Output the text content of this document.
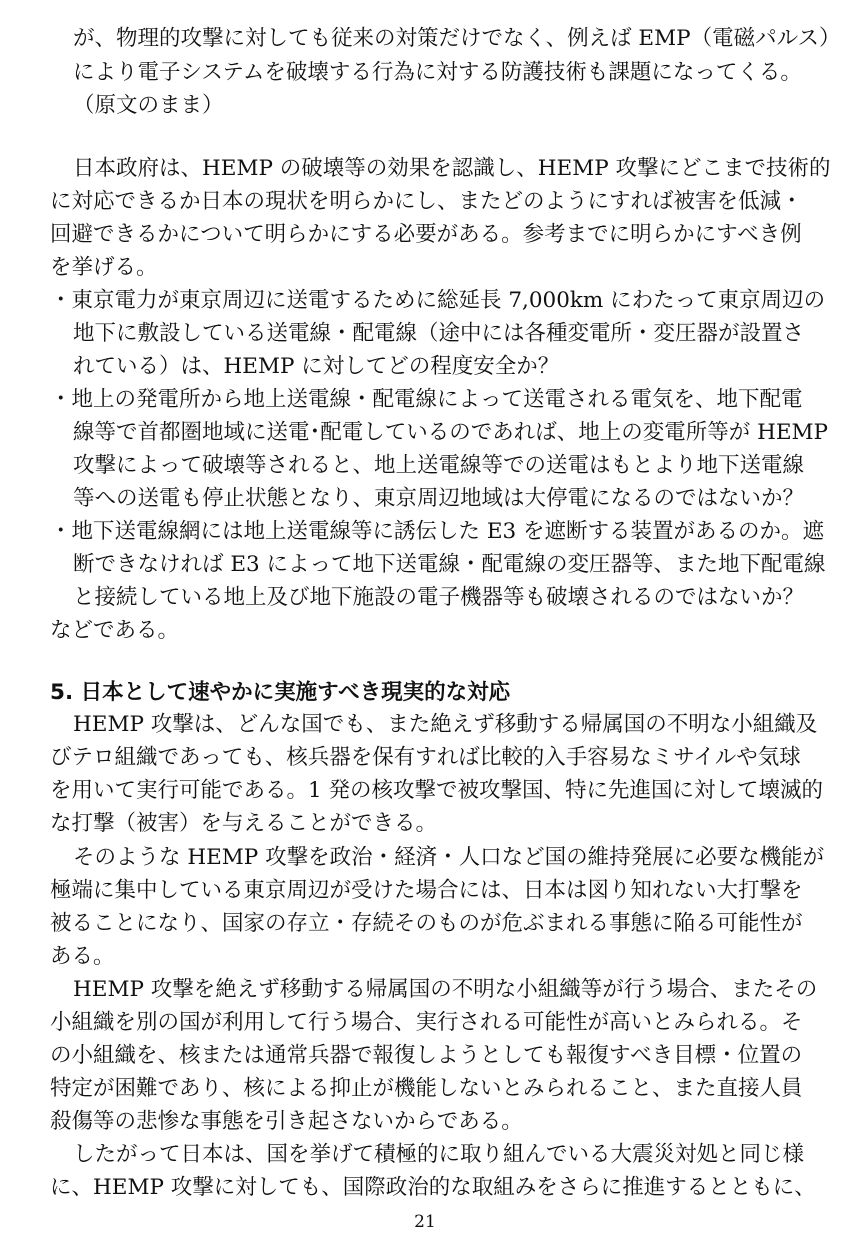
が、物理的攻撃に対しても従来の対策だけでなく、例えば EMP（電磁パルス）
により電子システムを破壊する行為に対する防護技術も課題になってくる。
（原文のまま）
日本政府は、HEMP の破壊等の効果を認識し、HEMP 攻撃にどこまで技術的
に対応できるか日本の現状を明らかにし、またどのようにすれば被害を低減・
回避できるかについて明らかにする必要がある。参考までに明らかにすべき例
を挙げる。
・東京電力が東京周辺に送電するために総延長 7,000km にわたって東京周辺の
地下に敷設している送電線・配電線（途中には各種変電所・変圧器が設置さ
れている）は、HEMP に対してどの程度安全か？
・地上の発電所から地上送電線・配電線によって送電される電気を、地下配電
線等で首都圏地域に送電･配電しているのであれば、地上の変電所等が HEMP
攻撃によって破壊等されると、地上送電線等での送電はもとより地下送電線
等への送電も停止状態となり、東京周辺地域は大停電になるのではないか？
・地下送電線網には地上送電線等に誘伝した E3 を遮断する装置があるのか。遮
断できなければ E3 によって地下送電線・配電線の変圧器等、また地下配電線
と接続している地上及び地下施設の電子機器等も破壊されるのではないか？
などである。
5. 日本として速やかに実施すべき現実的な対応
HEMP 攻撃は、どんな国でも、また絶えず移動する帰属国の不明な小組織及
びテロ組織であっても、核兵器を保有すれば比較的入手容易なミサイルや気球
を用いて実行可能である。1 発の核攻撃で被攻撃国、特に先進国に対して壊滅的
な打撃（被害）を与えることができる。
そのような HEMP 攻撃を政治・経済・人口など国の維持発展に必要な機能が
極端に集中している東京周辺が受けた場合には、日本は図り知れない大打撃を
被ることになり、国家の存立・存続そのものが危ぶまれる事態に陥る可能性が
ある。
HEMP 攻撃を絶えず移動する帰属国の不明な小組織等が行う場合、またその
小組織を別の国が利用して行う場合、実行される可能性が高いとみられる。そ
の小組織を、核または通常兵器で報復しようとしても報復すべき目標・位置の
特定が困難であり、核による抑止が機能しないとみられること、また直接人員
殺傷等の悲惨な事態を引き起さないからである。
したがって日本は、国を挙げて積極的に取り組んでいる大震災対処と同じ様
に、HEMP 攻撃に対しても、国際政治的な取組みをさらに推進するとともに、
21
